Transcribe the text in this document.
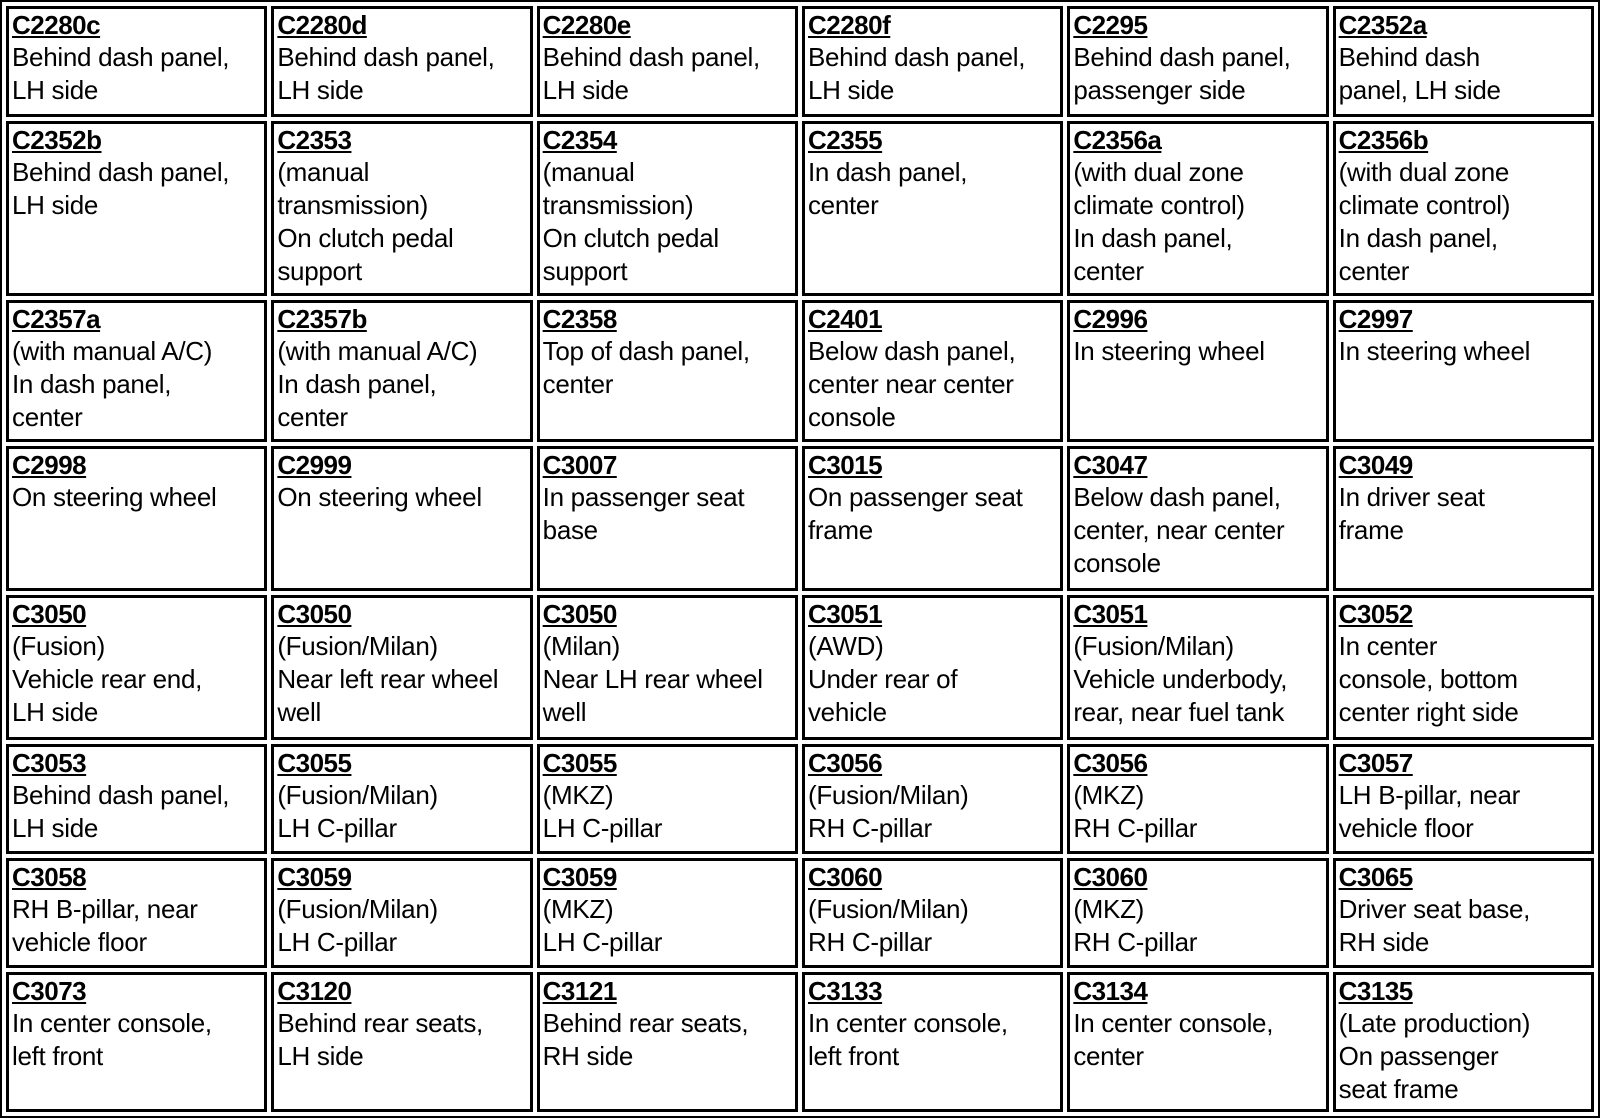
C2280c
Behind dash panel,
LH side	C2280d
Behind dash panel,
LH side	C2280e
Behind dash panel,
LH side	C2280f
Behind dash panel,
LH side	C2295
Behind dash panel,
passenger side	C2352a
Behind dash
panel, LH side

C2352b
Behind dash panel,
LH side	C2353
(manual
transmission)
On clutch pedal
support	C2354
(manual
transmission)
On clutch pedal
support	C2355
In dash panel,
center	C2356a
(with dual zone
climate control)
In dash panel,
center	C2356b
(with dual zone
climate control)
In dash panel,
center

C2357a
(with manual A/C)
In dash panel,
center	C2357b
(with manual A/C)
In dash panel,
center	C2358
Top of dash panel,
center	C2401
Below dash panel,
center near center
console	C2996
In steering wheel	C2997
In steering wheel

C2998
On steering wheel	C2999
On steering wheel	C3007
In passenger seat
base	C3015
On passenger seat
frame	C3047
Below dash panel,
center, near center
console	C3049
In driver seat
frame

C3050
(Fusion)
Vehicle rear end,
LH side	C3050
(Fusion/Milan)
Near left rear wheel
well	C3050
(Milan)
Near LH rear wheel
well	C3051
(AWD)
Under rear of
vehicle	C3051
(Fusion/Milan)
Vehicle underbody,
rear, near fuel tank	C3052
In center
console, bottom
center right side

C3053
Behind dash panel,
LH side	C3055
(Fusion/Milan)
LH C-pillar	C3055
(MKZ)
LH C-pillar	C3056
(Fusion/Milan)
RH C-pillar	C3056
(MKZ)
RH C-pillar	C3057
LH B-pillar, near
vehicle floor

C3058
RH B-pillar, near
vehicle floor	C3059
(Fusion/Milan)
LH C-pillar	C3059
(MKZ)
LH C-pillar	C3060
(Fusion/Milan)
RH C-pillar	C3060
(MKZ)
RH C-pillar	C3065
Driver seat base,
RH side

C3073
In center console,
left front	C3120
Behind rear seats,
LH side	C3121
Behind rear seats,
RH side	C3133
In center console,
left front	C3134
In center console,
center	C3135
(Late production)
On passenger
seat frame
